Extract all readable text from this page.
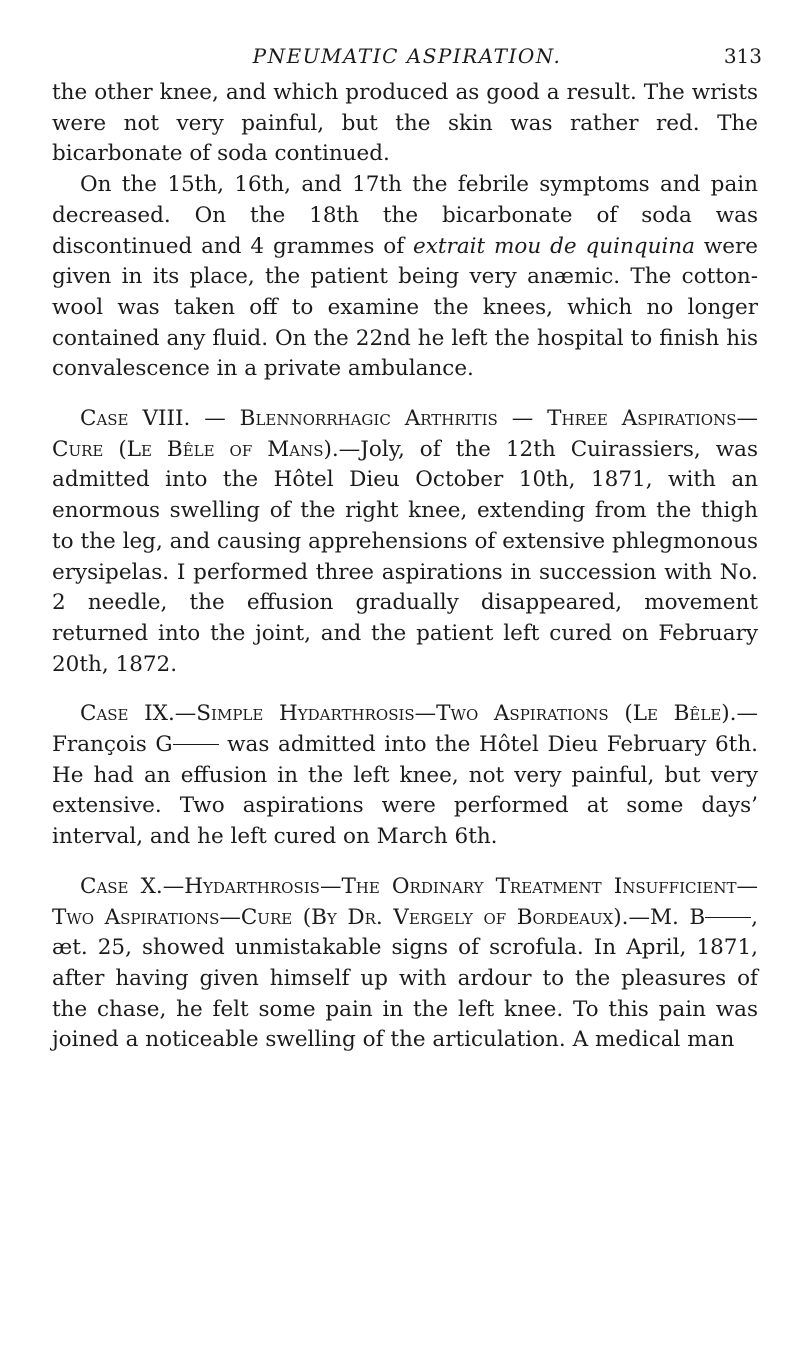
PNEUMATIC ASPIRATION.	313

the other knee, and which produced as good a result. The wrists were not very painful, but the skin was rather red. The bicarbonate of soda continued.

On the 15th, 16th, and 17th the febrile symptoms and pain decreased. On the 18th the bicarbonate of soda was discontinued and 4 grammes of extrait mou de quinquina were given in its place, the patient being very anæmic. The cotton-wool was taken off to examine the knees, which no longer contained any fluid. On the 22nd he left the hospital to finish his convalescence in a private ambulance.

Case VIII. — Blennorrhagic Arthritis — Three Aspirations—Cure (Le Bêle of Mans).—Joly, of the 12th Cuirassiers, was admitted into the Hôtel Dieu October 10th, 1871, with an enormous swelling of the right knee, extending from the thigh to the leg, and causing apprehensions of extensive phlegmonous erysipelas. I performed three aspirations in succession with No. 2 needle, the effusion gradually disappeared, movement returned into the joint, and the patient left cured on February 20th, 1872.

Case IX.—Simple Hydarthrosis—Two Aspirations (Le Bêle).—François G was admitted into the Hôtel Dieu February 6th. He had an effusion in the left knee, not very painful, but very extensive. Two aspirations were performed at some days’ interval, and he left cured on March 6th.

Case X.—Hydarthrosis—The Ordinary Treatment Insufficient—Two Aspirations—Cure (By Dr. Vergely of Bordeaux).—M. B , æt. 25, showed unmistakable signs of scrofula. In April, 1871, after having given himself up with ardour to the pleasures of the chase, he felt some pain in the left knee. To this pain was joined a noticeable swelling of the articulation. A medical man
